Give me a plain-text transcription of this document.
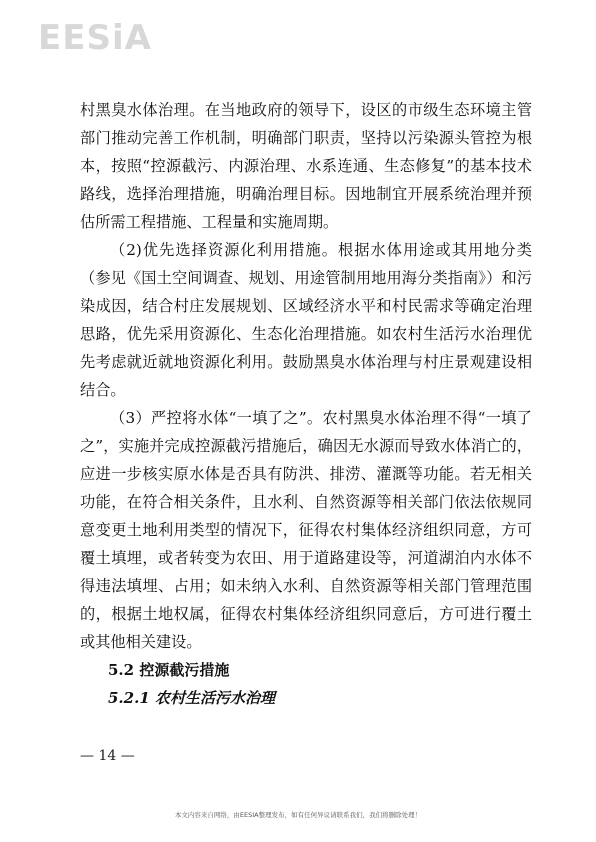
EESiA

村黑臭水体治理。在当地政府的领导下，设区的市级生态环境主管部门推动完善工作机制，明确部门职责，坚持以污染源头管控为根本，按照“控源截污、内源治理、水系连通、生态修复”的基本技术路线，选择治理措施，明确治理目标。因地制宜开展系统治理并预估所需工程措施、工程量和实施周期。

（2)优先选择资源化利用措施。根据水体用途或其用地分类（参见《国土空间调查、规划、用途管制用地用海分类指南》）和污染成因，结合村庄发展规划、区域经济水平和村民需求等确定治理思路，优先采用资源化、生态化治理措施。如农村生活污水治理优先考虑就近就地资源化利用。鼓励黑臭水体治理与村庄景观建设相结合。

（3）严控将水体“一填了之”。农村黑臭水体治理不得“一填了之”，实施并完成控源截污措施后，确因无水源而导致水体消亡的，应进一步核实原水体是否具有防洪、排涝、灌溉等功能。若无相关功能，在符合相关条件，且水利、自然资源等相关部门依法依规同意变更土地利用类型的情况下，征得农村集体经济组织同意，方可覆土填埋，或者转变为农田、用于道路建设等，河道湖泊内水体不得违法填埋、占用；如未纳入水利、自然资源等相关部门管理范围的，根据土地权属，征得农村集体经济组织同意后，方可进行覆土或其他相关建设。

5.2 控源截污措施

5.2.1 农村生活污水治理

— 14 —
本文内容来自网络，由EESIA整理发布，如有任何异议请联系我们，我们将删除处理！
